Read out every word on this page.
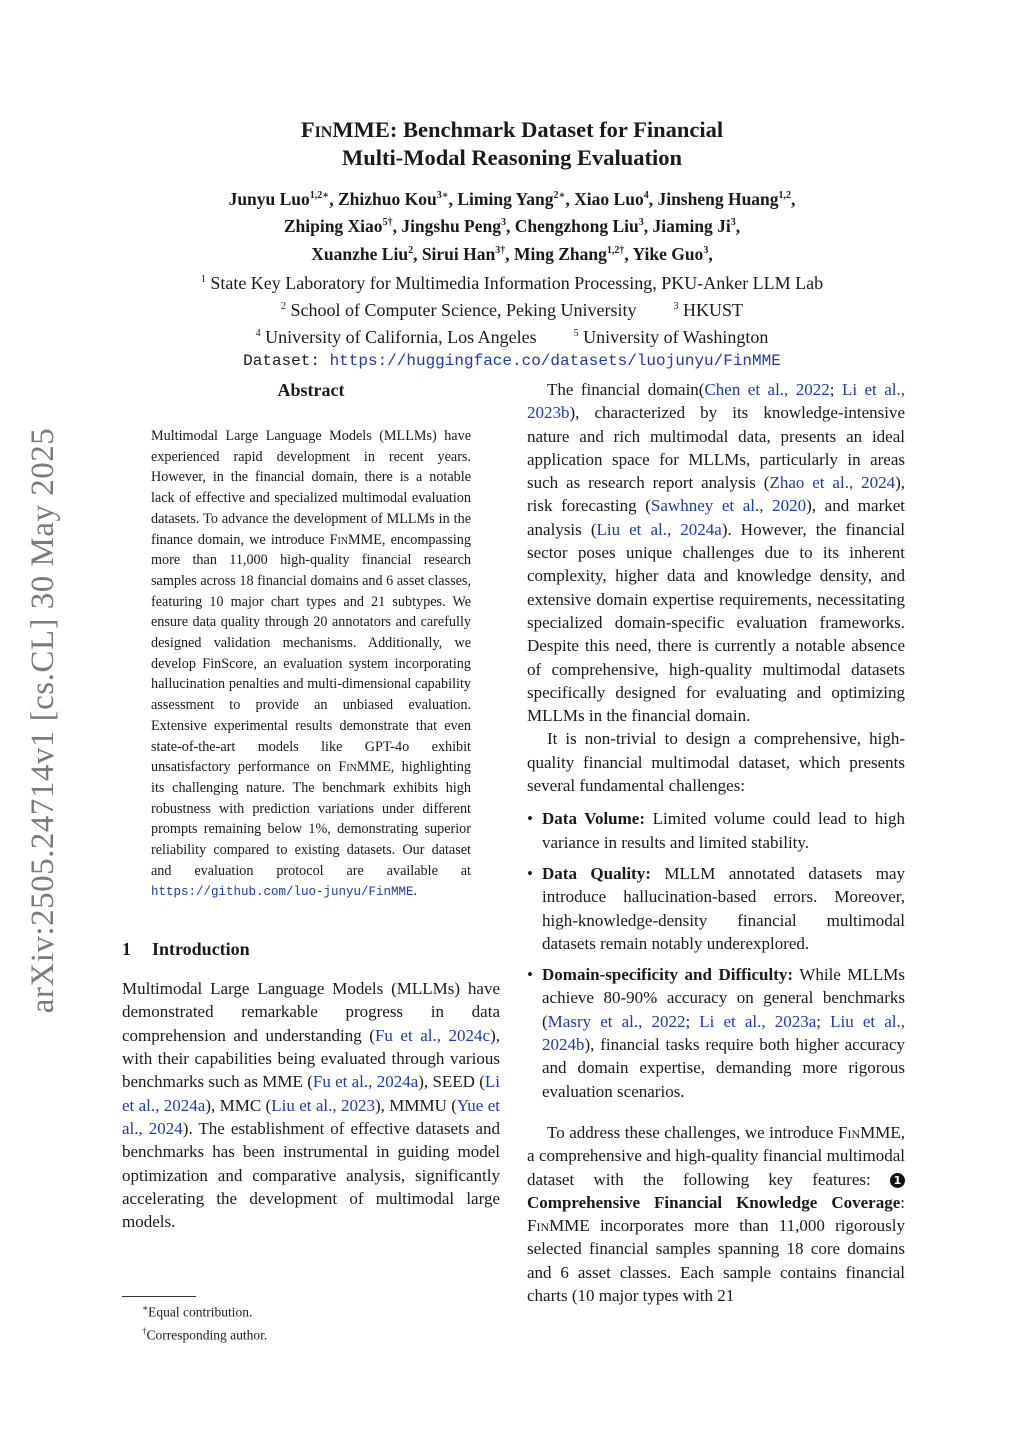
arXiv:2505.24714v1 [cs.CL] 30 May 2025
FinMME: Benchmark Dataset for Financial
Multi-Modal Reasoning Evaluation
Junyu Luo$^{1,2∗}$, Zhizhuo Kou$^{3∗}$, Liming Yang$^{2∗}$, Xiao Luo$^4$, Jinsheng Huang$^{1,2}$,
Zhiping Xiao$^{5\dagger}$, Jingshu Peng$^3$, Chengzhong Liu$^3$, Jiaming Ji$^3$,
Xuanzhe Liu$^2$, Sirui Han$^{3\dagger}$, Ming Zhang$^{1,2\dagger}$, Yike Guo$^3$,
$^1$ State Key Laboratory for Multimedia Information Processing, PKU-Anker LLM Lab
$^2$ School of Computer Science, Peking University	$^3$ HKUST
$^4$ University of California, Los Angeles	$^5$ University of Washington
Dataset: https://huggingface.co/datasets/luojunyu/FinMME
Abstract

Multimodal Large Language Models (MLLMs) have experienced rapid development in recent years. However, in the financial domain, there is a notable lack of effective and specialized multimodal evaluation datasets. To advance the development of MLLMs in the finance domain, we introduce FinMME, encompassing more than 11,000 high-quality financial research samples across 18 financial domains and 6 asset classes, featuring 10 major chart types and 21 subtypes. We ensure data quality through 20 annotators and carefully designed validation mechanisms. Additionally, we develop FinScore, an evaluation system incorporating hallucination penalties and multi-dimensional capability assessment to provide an unbiased evaluation. Extensive experimental results demonstrate that even state-of-the-art models like GPT-4o exhibit unsatisfactory performance on FinMME, highlighting its challenging nature. The benchmark exhibits high robustness with prediction variations under different prompts remaining below 1%, demonstrating superior reliability compared to existing datasets. Our dataset and evaluation protocol are available at https://github.com/luo-junyu/FinMME.

1 Introduction

Multimodal Large Language Models (MLLMs) have demonstrated remarkable progress in data comprehension and understanding (Fu et al., 2024c), with their capabilities being evaluated through various benchmarks such as MME (Fu et al., 2024a), SEED (Li et al., 2024a), MMC (Liu et al., 2023), MMMU (Yue et al., 2024). The establishment of effective datasets and benchmarks has been instrumental in guiding model optimization and comparative analysis, significantly accelerating the development of multimodal large models.

∗Equal contribution.
†Corresponding author.

The financial domain(Chen et al., 2022; Li et al., 2023b), characterized by its knowledge-intensive nature and rich multimodal data, presents an ideal application space for MLLMs, particularly in areas such as research report analysis (Zhao et al., 2024), risk forecasting (Sawhney et al., 2020), and market analysis (Liu et al., 2024a). However, the financial sector poses unique challenges due to its inherent complexity, higher data and knowledge density, and extensive domain expertise requirements, necessitating specialized domain-specific evaluation frameworks. Despite this need, there is currently a notable absence of comprehensive, high-quality multimodal datasets specifically designed for evaluating and optimizing MLLMs in the financial domain.

It is non-trivial to design a comprehensive, high-quality financial multimodal dataset, which presents several fundamental challenges:

• Data Volume: Limited volume could lead to high variance in results and limited stability.
• Data Quality: MLLM annotated datasets may introduce hallucination-based errors. Moreover, high-knowledge-density financial multimodal datasets remain notably underexplored.
• Domain-specificity and Difficulty: While MLLMs achieve 80-90% accuracy on general benchmarks (Masry et al., 2022; Li et al., 2023a; Liu et al., 2024b), financial tasks require both higher accuracy and domain expertise, demanding more rigorous evaluation scenarios.

To address these challenges, we introduce FinMME, a comprehensive and high-quality financial multimodal dataset with the following key features: 1 Comprehensive Financial Knowledge Coverage: FinMME incorporates more than 11,000 rigorously selected financial samples spanning 18 core domains and 6 asset classes. Each sample contains financial charts (10 major types with 21
